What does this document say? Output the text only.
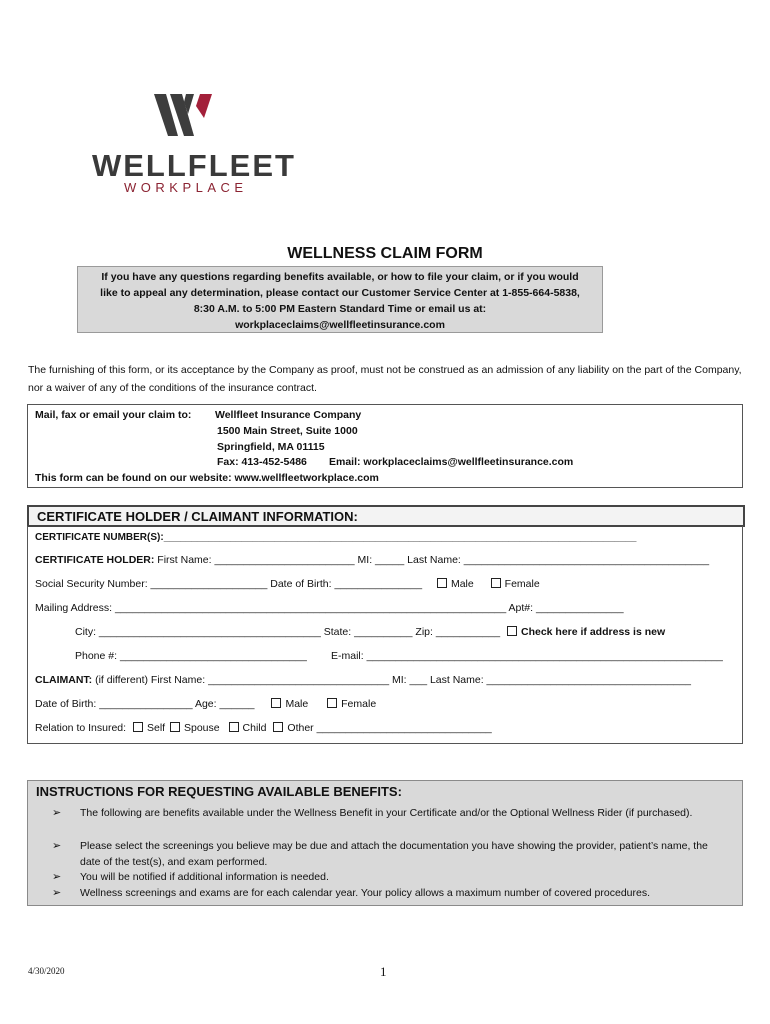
WELLFLEET
WORKPLACE
WELLNESS CLAIM FORM
If you have any questions regarding benefits available, or how to file your claim, or if you would
like to appeal any determination, please contact our Customer Service Center at 1-855-664-5838,
8:30 A.M. to 5:00 PM Eastern Standard Time or email us at:
workplaceclaims@wellfleetinsurance.com
The furnishing of this form, or its acceptance by the Company as proof, must not be construed as an admission of any liability on the part of the Company, nor a waiver of any of the conditions of the insurance contract.
Mail, fax or email your claim to: Wellfleet Insurance Company
1500 Main Street, Suite 1000
Springfield, MA 01115
Fax: 413-452-5486 Email: workplaceclaims@wellfleetinsurance.com
This form can be found on our website: www.wellfleetworkplace.com
CERTIFICATE HOLDER / CLAIMANT INFORMATION:
CERTIFICATE NUMBER(S):_____________________________________________________________________________________
CERTIFICATE HOLDER: First Name: ________________________ MI: _____ Last Name: __________________________________________
Social Security Number: ____________________ Date of Birth: _______________	Male	Female
Mailing Address: ___________________________________________________________________ Apt#: _______________
City: ______________________________________ State: __________ Zip: ___________ Check here if address is new
Phone #: ________________________________ E-mail: _____________________________________________________________
CLAIMANT: (if different) First Name: _______________________________ MI: ___ Last Name: ___________________________________
Date of Birth: ________________ Age: ______	Male	Female
Relation to Insured: Self Spouse Child Other ______________________________
INSTRUCTIONS FOR REQUESTING AVAILABLE BENEFITS:
➢ The following are benefits available under the Wellness Benefit in your Certificate and/or the Optional Wellness Rider (if purchased).
➢ Please select the screenings you believe may be due and attach the documentation you have showing the provider, patient’s name, the date of the test(s), and exam performed.
➢ You will be notified if additional information is needed.
➢ Wellness screenings and exams are for each calendar year. Your policy allows a maximum number of covered procedures.
4/30/2020	1
